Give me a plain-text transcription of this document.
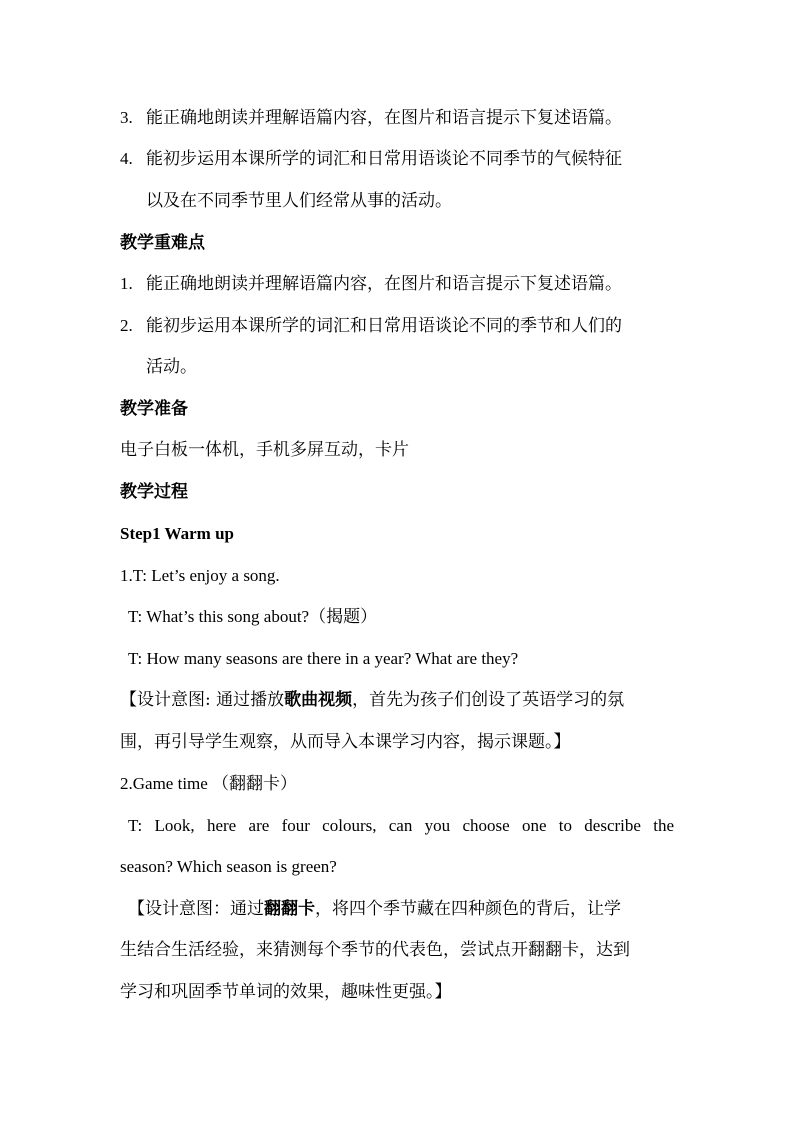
3. 能正确地朗读并理解语篇内容，在图片和语言提示下复述语篇。
4. 能初步运用本课所学的词汇和日常用语谈论不同季节的气候特征
以及在不同季节里人们经常从事的活动。
教学重难点
1. 能正确地朗读并理解语篇内容，在图片和语言提示下复述语篇。
2. 能初步运用本课所学的词汇和日常用语谈论不同的季节和人们的
活动。
教学准备
电子白板一体机，手机多屏互动，卡片
教学过程
Step1 Warm up
1.T: Let’s enjoy a song.
T: What’s this song about?（揭题）
T: How many seasons are there in a year? What are they?
【设计意图: 通过播放歌曲视频，首先为孩子们创设了英语学习的氛
围，再引导学生观察，从而导入本课学习内容，揭示课题。】
2.Game time （翻翻卡）
T: Look, here are four colours, can you choose one to describe the
season? Which season is green?
【设计意图：通过翻翻卡，将四个季节藏在四种颜色的背后，让学
生结合生活经验，来猜测每个季节的代表色，尝试点开翻翻卡，达到
学习和巩固季节单词的效果，趣味性更强。】
